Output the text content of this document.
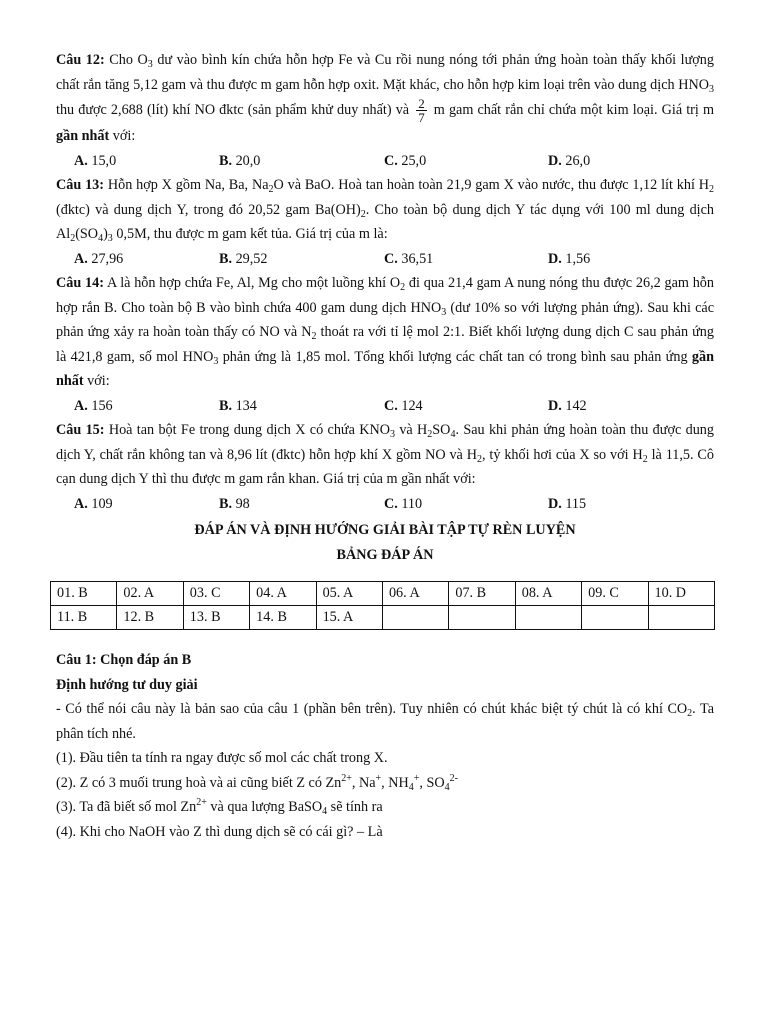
Câu 12: Cho $O_3$ dư vào bình kín chứa hỗn hợp Fe và Cu rồi nung nóng tới phản ứng hoàn toàn thấy khối lượng chất rắn tăng 5,12 gam và thu được m gam hỗn hợp oxit. Mặt khác, cho hỗn hợp kim loại trên vào dung dịch $HNO_3$ thu được 2,688 (lít) khí NO đktc (sản phẩm khử duy nhất) và $\frac{2}{7}$ m gam chất rắn chỉ chứa một kim loại. Giá trị m gần nhất với:

A. 15,0	B. 20,0	C. 25,0	D. 26,0

Câu 13: Hỗn hợp X gồm Na, Ba, $Na_2O$ và BaO. Hoà tan hoàn toàn 21,9 gam X vào nước, thu được 1,12 lít khí $H_2$ (đktc) và dung dịch Y, trong đó 20,52 gam $Ba(OH)_2$. Cho toàn bộ dung dịch Y tác dụng với 100 ml dung dịch $Al_2(SO_4)_3$ 0,5M, thu được m gam kết tủa. Giá trị của m là:

A. 27,96	B. 29,52	C. 36,51	D. 1,56

Câu 14: A là hỗn hợp chứa Fe, Al, Mg cho một luồng khí $O_2$ đi qua 21,4 gam A nung nóng thu được 26,2 gam hỗn hợp rắn B. Cho toàn bộ B vào bình chứa 400 gam dung dịch $HNO_3$ (dư 10% so với lượng phản ứng). Sau khi các phản ứng xảy ra hoàn toàn thấy có NO và $N_2$ thoát ra với tỉ lệ mol 2:1. Biết khối lượng dung dịch C sau phản ứng là 421,8 gam, số mol $HNO_3$ phản ứng là 1,85 mol. Tổng khối lượng các chất tan có trong bình sau phản ứng gần nhất với:

A. 156	B. 134	C. 124	D. 142

Câu 15: Hoà tan bột Fe trong dung dịch X có chứa $KNO_3$ và $H_2SO_4$. Sau khi phản ứng hoàn toàn thu được dung dịch Y, chất rắn không tan và 8,96 lít (đktc) hỗn hợp khí X gồm NO và $H_2$, tỷ khối hơi của X so với $H_2$ là 11,5. Cô cạn dung dịch Y thì thu được m gam rắn khan. Giá trị của m gần nhất với:

A. 109	B. 98	C. 110	D. 115
ĐÁP ÁN VÀ ĐỊNH HƯỚNG GIẢI BÀI TẬP TỰ RÈN LUYỆN
BẢNG ĐÁP ÁN
01. B	02. A	03. C	04. A	05. A	06. A	07. B	08. A	09. C	10. D
11. B	12. B	13. B	14. B	15. A					

Câu 1: Chọn đáp án B

Định hướng tư duy giải

- Có thể nói câu này là bản sao của câu 1 (phần bên trên). Tuy nhiên có chút khác biệt tý chút là có khí $CO_2$. Ta phân tích nhé.

(1). Đầu tiên ta tính ra ngay được số mol các chất trong X.

(2). Z có 3 muối trung hoà và ai cũng biết Z có $Zn^{2+}$, Na+, $NH_4^+$, $SO_4^{2-}$

(3). Ta đã biết số mol $Zn^{2+}$ và qua lượng BaSO$_4$ sẽ tính ra

(4). Khi cho NaOH vào Z thì dung dịch sẽ có cái gì? – Là
